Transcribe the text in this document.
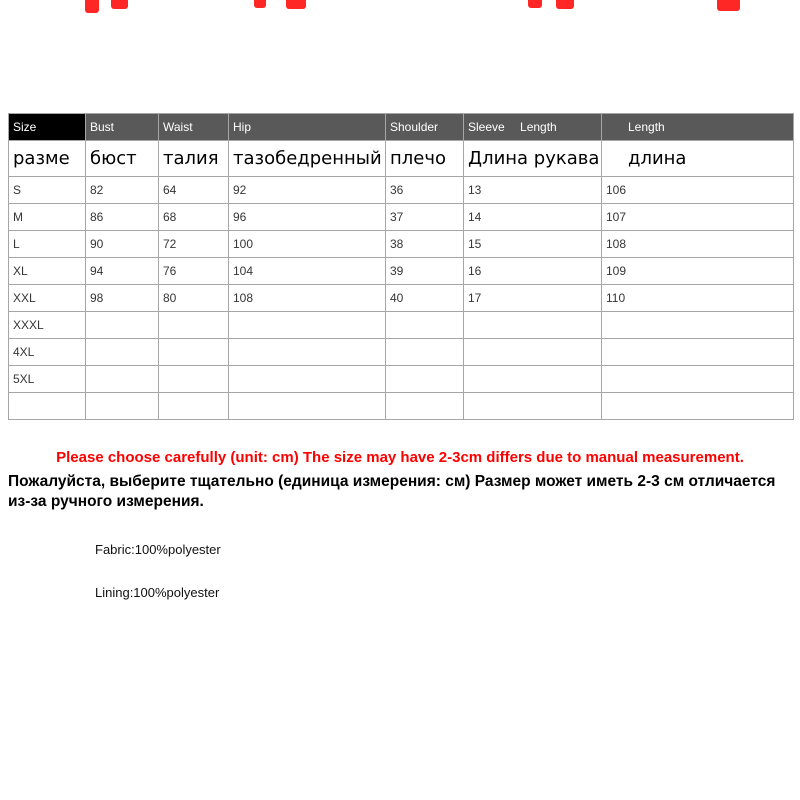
Size	Bust	Waist	Hip	Shoulder	Sleeve Length	Length
разме	бюст	талия	тазобедренный	плечо	Длина рукава	длина
S	82	64	92	36	13	106
M	86	68	96	37	14	107
L	90	72	100	38	15	108
XL	94	76	104	39	16	109
XXL	98	80	108	40	17	110
XXXL						
4XL						
5XL						

Please choose carefully (unit: cm) The size may have 2-3cm differs due to manual measurement.

Пожалуйста, выберите тщательно (единица измерения: см) Размер может иметь 2-3 см отличается из-за ручного измерения.

Fabric:100%polyester

Lining:100%polyester
